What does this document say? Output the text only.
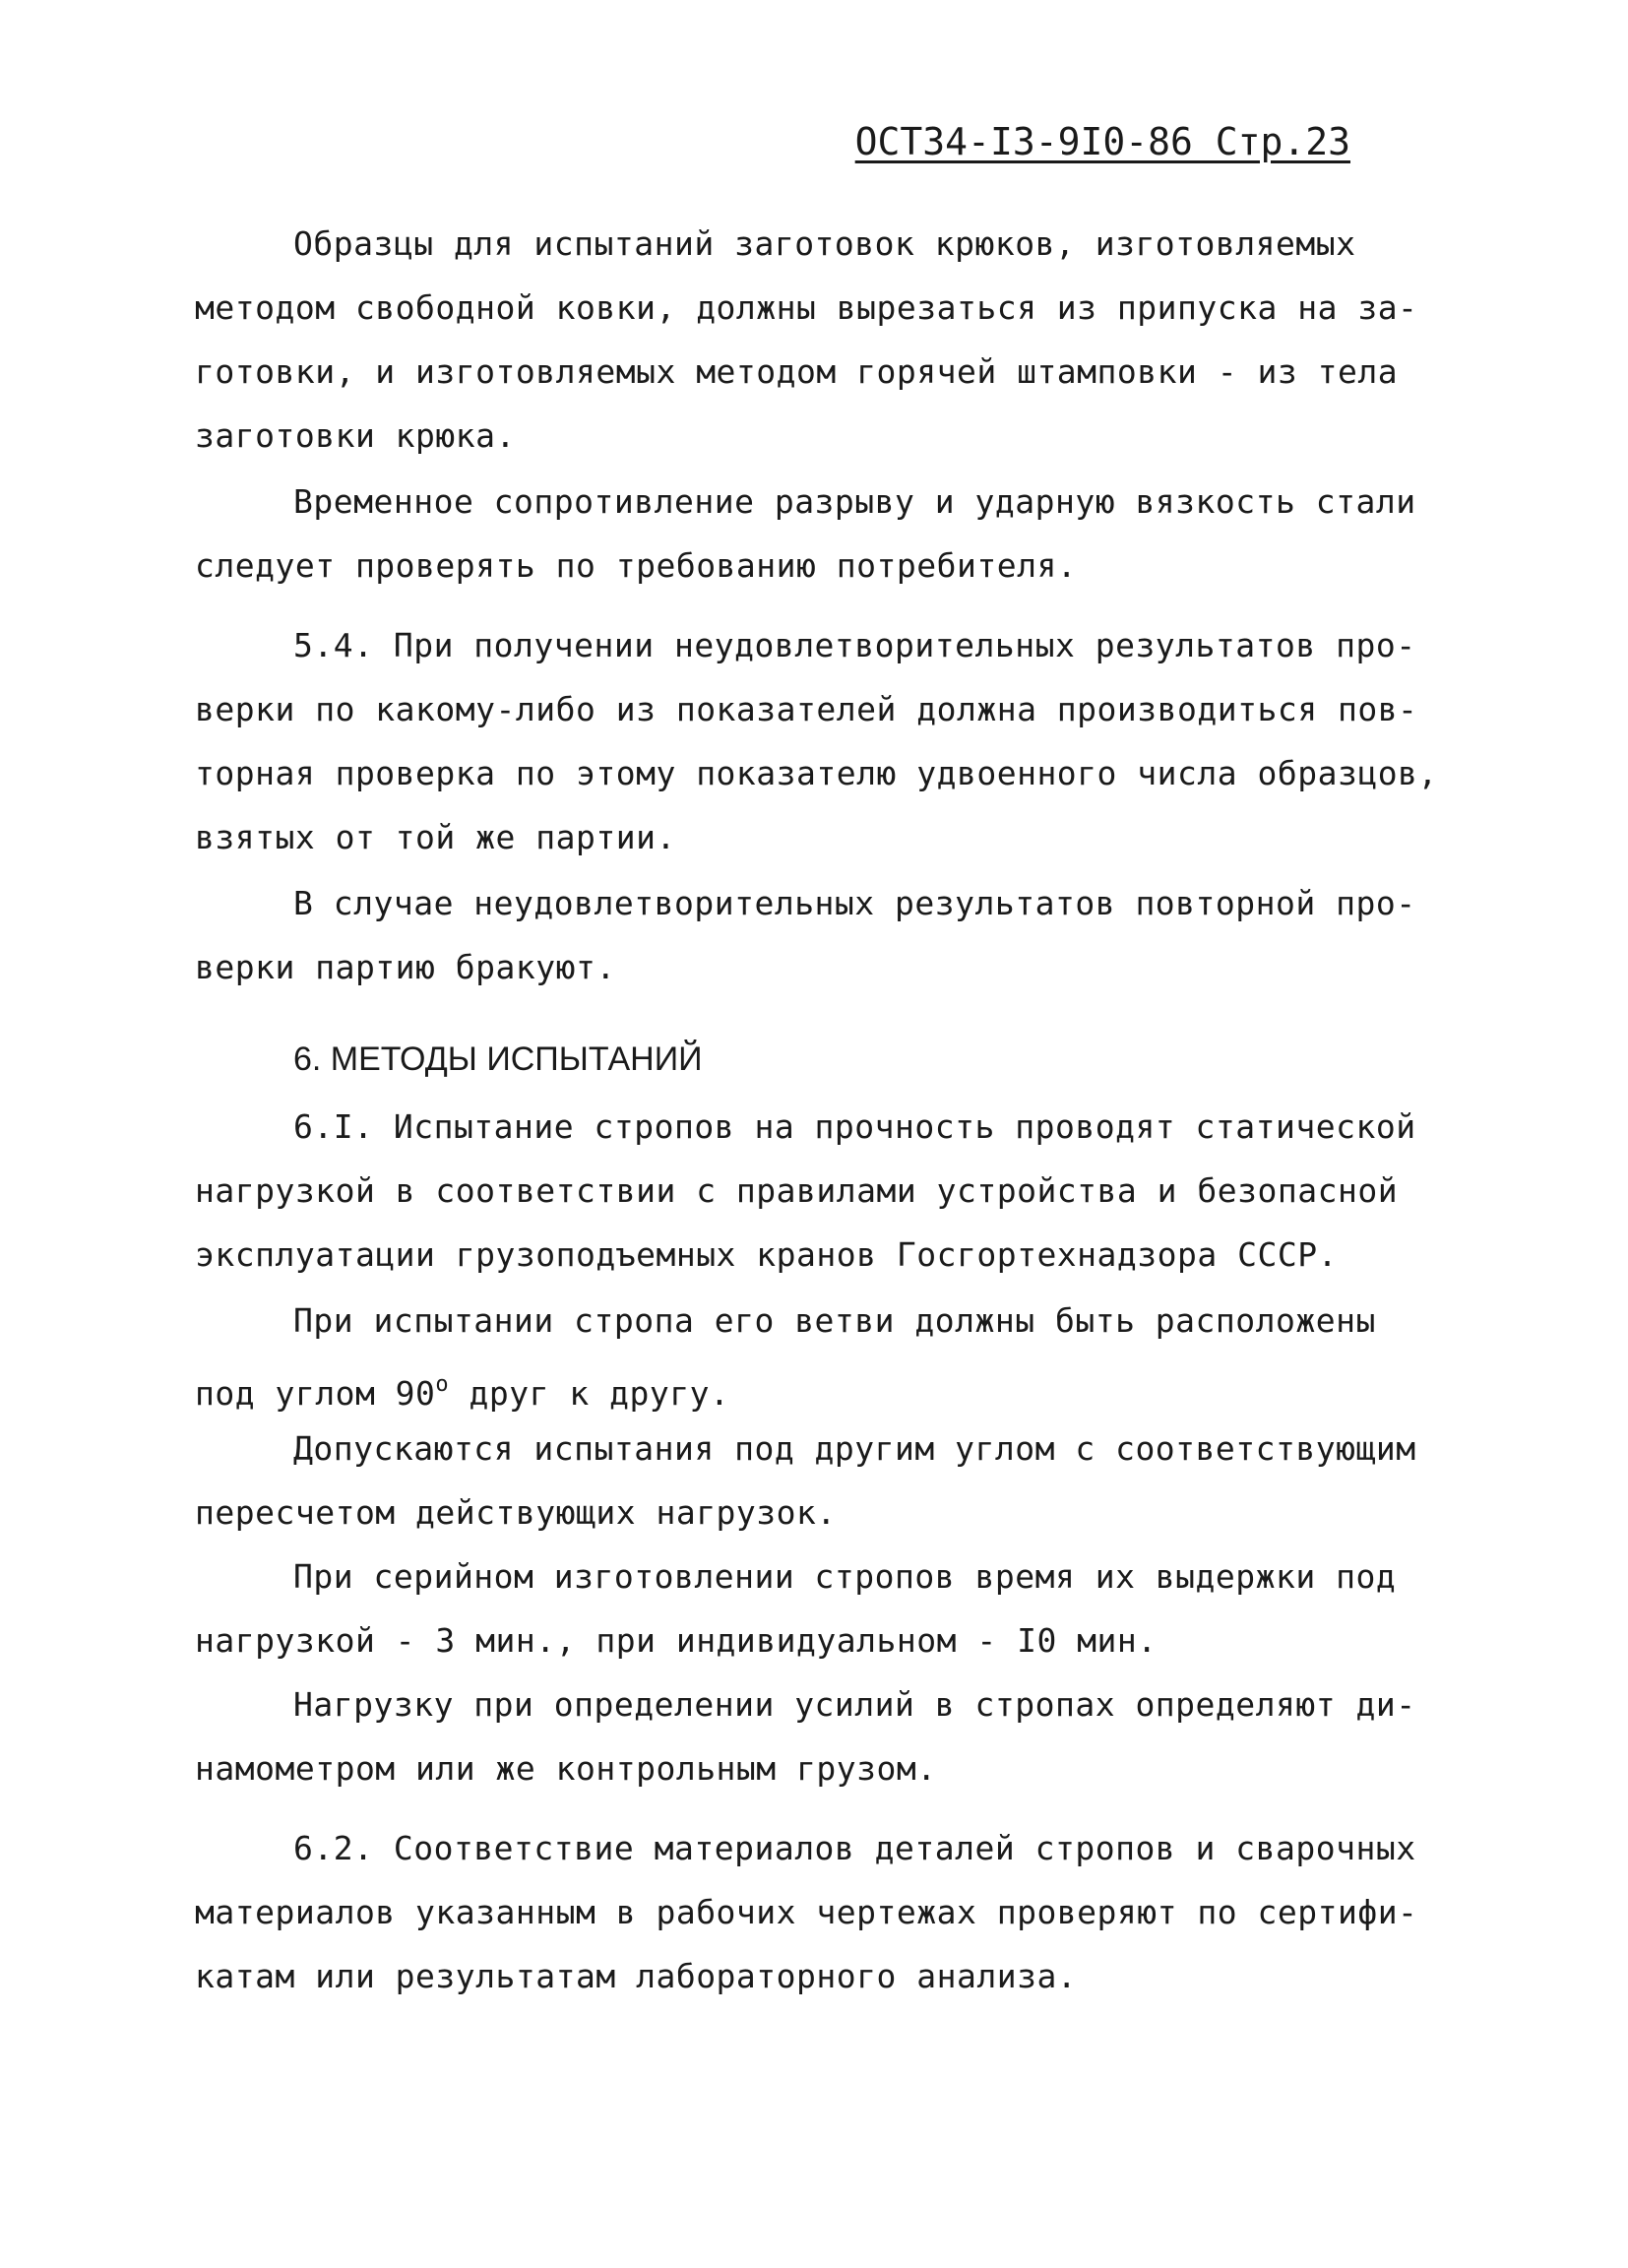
ОСТ34-I3-9I0-86 Стр.23
Образцы для испытаний заготовок крюков, изготовляемых
методом свободной ковки, должны вырезаться из припуска на за-
готовки, и изготовляемых методом горячей штамповки - из тела
заготовки крюка.
Временное сопротивление разрыву и ударную вязкость стали
следует проверять по требованию потребителя.
5.4. При получении неудовлетворительных результатов про-
верки по какому-либо из показателей должна производиться пов-
торная проверка по этому показателю удвоенного числа образцов,
взятых от той же партии.
В случае неудовлетворительных результатов повторной про-
верки партию бракуют.
6. МЕТОДЫ ИСПЫТАНИЙ
6.I. Испытание стропов на прочность проводят статической
нагрузкой в соответствии с правилами устройства и безопасной
эксплуатации грузоподъемных кранов Госгортехнадзора СССР.
При испытании стропа его ветви должны быть расположены
под углом $90^о$ друг к другу.
Допускаются испытания под другим углом с соответствующим
пересчетом действующих нагрузок.
При серийном изготовлении стропов время их выдержки под
нагрузкой - 3 мин., при индивидуальном - I0 мин.
Нагрузку при определении усилий в стропах определяют ди-
намометром или же контрольным грузом.
6.2. Соответствие материалов деталей стропов и сварочных
материалов указанным в рабочих чертежах проверяют по сертифи-
катам или результатам лабораторного анализа.
